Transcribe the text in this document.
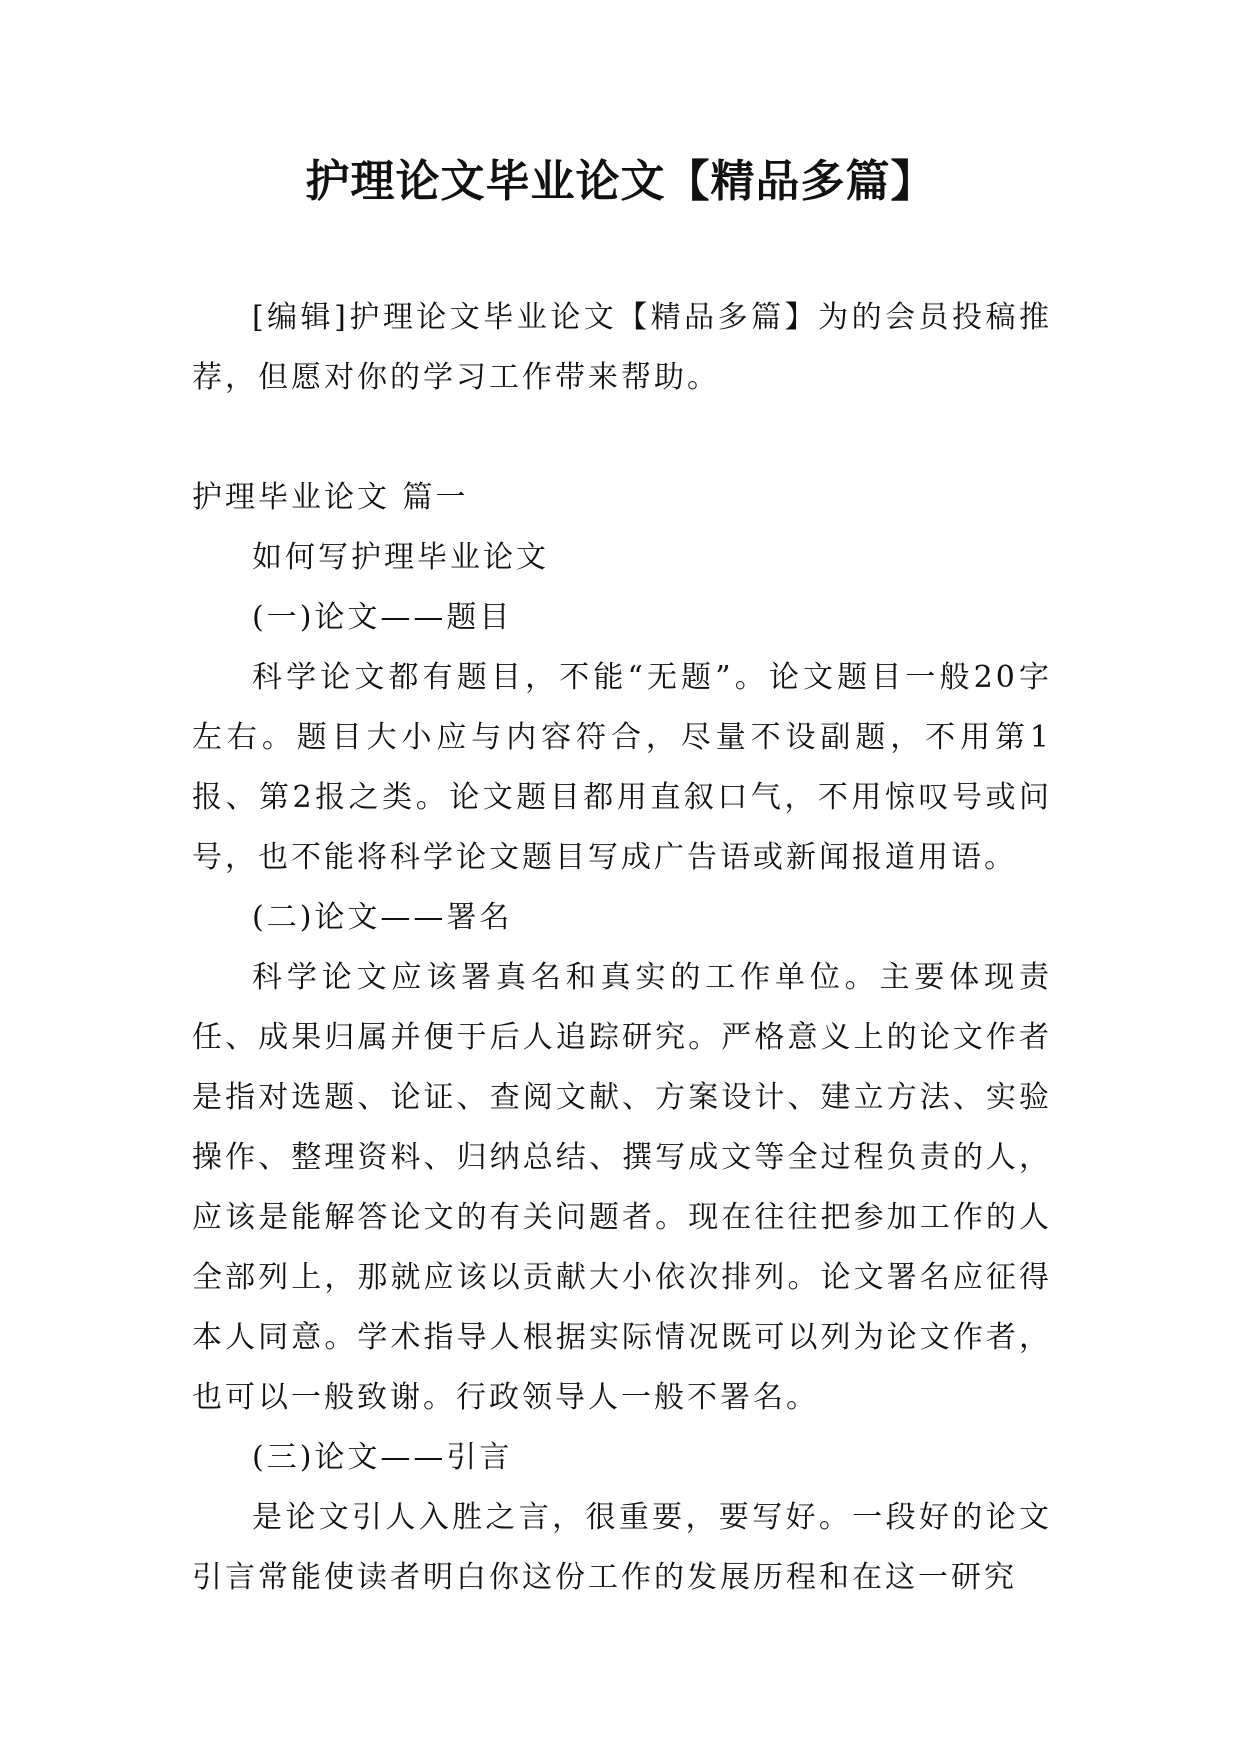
护理论文毕业论文【精品多篇】

[编辑]护理论文毕业论文【精品多篇】为的会员投稿推荐，但愿对你的学习工作带来帮助。

护理毕业论文 篇一

如何写护理毕业论文

(一)论文——题目

科学论文都有题目，不能“无题”。论文题目一般20字左右。题目大小应与内容符合，尽量不设副题，不用第1报、第2报之类。论文题目都用直叙口气，不用惊叹号或问号，也不能将科学论文题目写成广告语或新闻报道用语。

(二)论文——署名

科学论文应该署真名和真实的工作单位。主要体现责任、成果归属并便于后人追踪研究。严格意义上的论文作者是指对选题、论证、查阅文献、方案设计、建立方法、实验操作、整理资料、归纳总结、撰写成文等全过程负责的人，应该是能解答论文的有关问题者。现在往往把参加工作的人全部列上，那就应该以贡献大小依次排列。论文署名应征得本人同意。学术指导人根据实际情况既可以列为论文作者，也可以一般致谢。行政领导人一般不署名。

(三)论文——引言

是论文引人入胜之言，很重要，要写好。一段好的论文引言常能使读者明白你这份工作的发展历程和在这一研究
